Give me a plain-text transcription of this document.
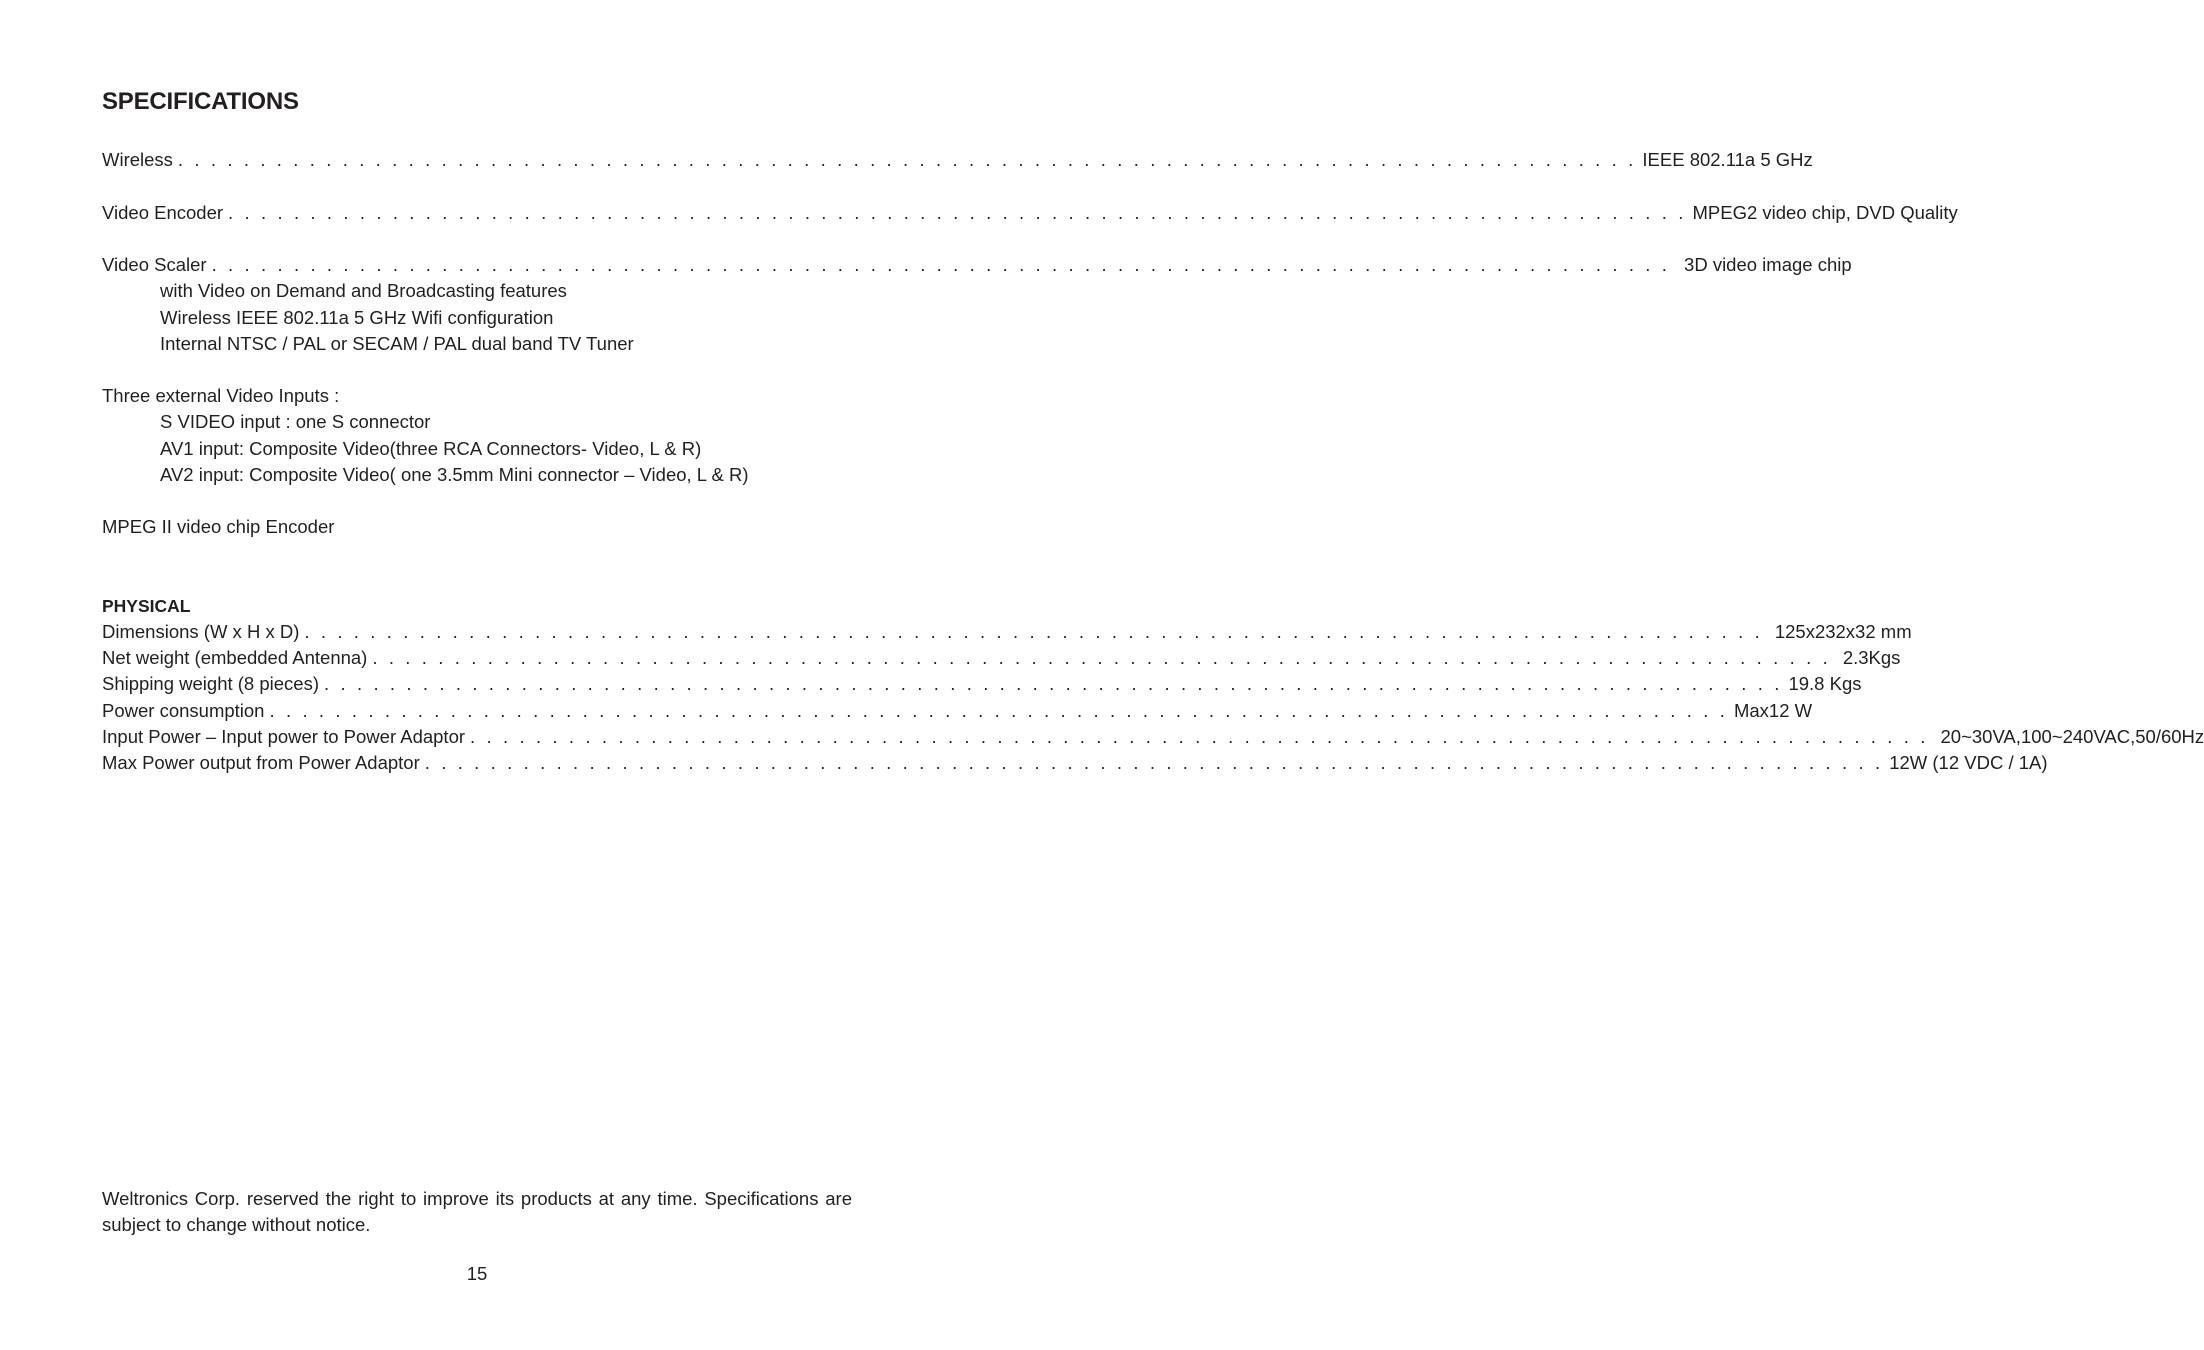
SPECIFICATIONS
Wireless . . . . . . . . . . . . . . . . . . . . . . . . . . . . . . . . . . . . . . . . . . . . . . . . . . . . . . . . . . . . . . . . . . . . . . . . . . . . . . . . . . . . . . . . . IEEE 802.11a 5 GHz
Video Encoder . . . . . . . . . . . . . . . . . . . . . . . . . . . . . . . . . . . . . . . . . . . . . . . . . . . . . . . . . . . . . . . . . . . . . . . . . . . . . . . . . . . . . . . . . MPEG2 video chip, DVD Quality
Video Scaler . . . . . . . . . . . . . . . . . . . . . . . . . . . . . . . . . . . . . . . . . . . . . . . . . . . . . . . . . . . . . . . . . . . . . . . . . . . . . . . . . . . . . . . . . 3D video image chip
with Video on Demand and Broadcasting features
Wireless IEEE 802.11a 5 GHz Wifi configuration
Internal NTSC / PAL or SECAM / PAL dual band TV Tuner
Three external Video Inputs :
S VIDEO input : one S connector
AV1 input: Composite Video(three RCA Connectors- Video, L & R)
AV2 input: Composite Video( one 3.5mm Mini connector – Video, L & R)
MPEG II video chip Encoder
PHYSICAL
Dimensions (W x H x D) . . . . . . . . . . . . . . . . . . . . . . . . . . . . . . . . . . . . . . . . . . . . . . . . . . . . . . . . . . . . . . . . . . . . . . . . . . . . . . . . . . . . . . . . . 125x232x32 mm
Net weight (embedded Antenna) . . . . . . . . . . . . . . . . . . . . . . . . . . . . . . . . . . . . . . . . . . . . . . . . . . . . . . . . . . . . . . . . . . . . . . . . . . . . . . . . . . . . . . . . . 2.3Kgs
Shipping weight (8 pieces) . . . . . . . . . . . . . . . . . . . . . . . . . . . . . . . . . . . . . . . . . . . . . . . . . . . . . . . . . . . . . . . . . . . . . . . . . . . . . . . . . . . . . . . . . 19.8 Kgs
Power consumption . . . . . . . . . . . . . . . . . . . . . . . . . . . . . . . . . . . . . . . . . . . . . . . . . . . . . . . . . . . . . . . . . . . . . . . . . . . . . . . . . . . . . . . . . Max12 W
Input Power – Input power to Power Adaptor . . . . . . . . . . . . . . . . . . . . . . . . . . . . . . . . . . . . . . . . . . . . . . . . . . . . . . . . . . . . . . . . . . . . . . . . . . . . . . . . . . . . . . . . . 20~30VA,100~240VAC,50/60Hz
Max Power output from Power Adaptor . . . . . . . . . . . . . . . . . . . . . . . . . . . . . . . . . . . . . . . . . . . . . . . . . . . . . . . . . . . . . . . . . . . . . . . . . . . . . . . . . . . . . . . . . 12W (12 VDC / 1A)
Weltronics Corp. reserved the right to improve its products at any time. Specifications are subject to change without notice.
15
